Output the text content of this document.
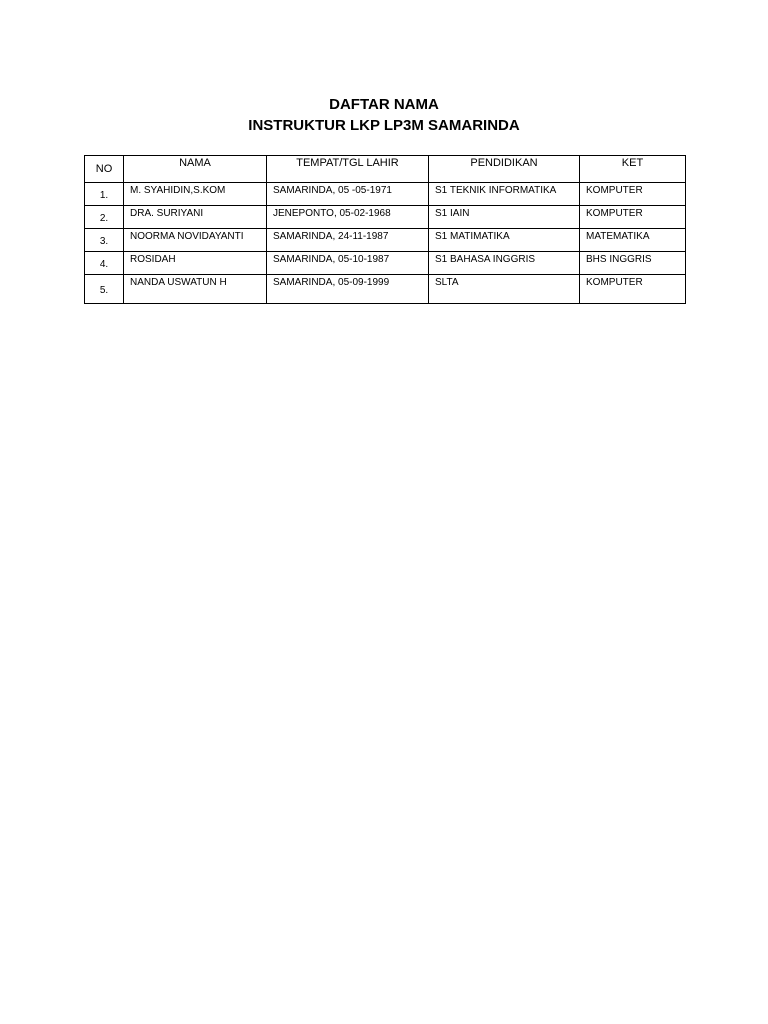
DAFTAR NAMA
INSTRUKTUR LKP LP3M SAMARINDA
NO	NAMA	TEMPAT/TGL LAHIR	PENDIDIKAN	KET
1.	M. SYAHIDIN,S.KOM	SAMARINDA, 05 -05-1971	S1 TEKNIK INFORMATIKA	KOMPUTER
2.	DRA. SURIYANI	JENEPONTO, 05-02-1968	S1 IAIN	KOMPUTER
3.	NOORMA NOVIDAYANTI	SAMARINDA, 24-11-1987	S1 MATIMATIKA	MATEMATIKA
4.	ROSIDAH	SAMARINDA, 05-10-1987	S1 BAHASA INGGRIS	BHS INGGRIS
5.	NANDA USWATUN H	SAMARINDA, 05-09-1999	SLTA	KOMPUTER
